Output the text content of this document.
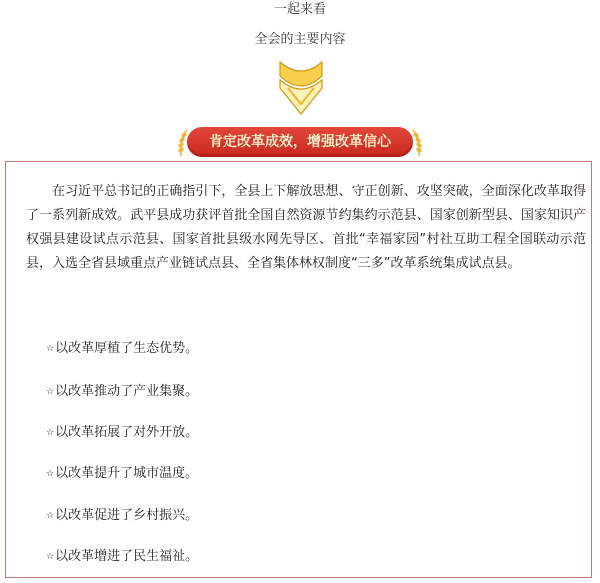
一起来看
全会的主要内容
肯定改革成效，增强改革信心
在习近平总书记的正确指引下，全县上下解放思想、守正创新、攻坚突破，全面深化改革取得了一系列新成效。武平县成功获评首批全国自然资源节约集约示范县、国家创新型县、国家知识产权强县建设试点示范县、国家首批县级水网先导区、首批“幸福家园”村社互助工程全国联动示范县，入选全省县域重点产业链试点县、全省集体林权制度“三多”改革系统集成试点县。
☆以改革厚植了生态优势。
☆以改革推动了产业集聚。
☆以改革拓展了对外开放。
☆以改革提升了城市温度。
☆以改革促进了乡村振兴。
☆以改革增进了民生福祉。
